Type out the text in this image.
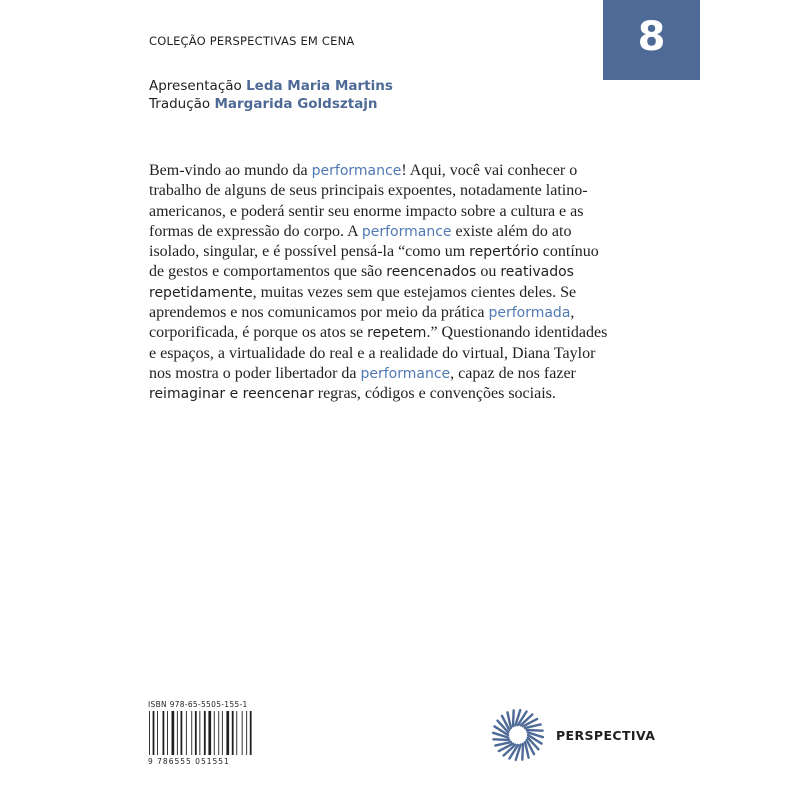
COLEÇÃO PERSPECTIVAS EM CENA	8
Apresentação Leda Maria Martins
Tradução Margarida Goldsztajn
Bem-vindo ao mundo da performance! Aqui, você vai conhecer o trabalho de alguns de seus principais expoentes, notadamente latino-americanos, e poderá sentir seu enorme impacto sobre a cultura e as formas de expressão do corpo. A performance existe além do ato isolado, singular, e é possível pensá-la “como um repertório contínuo de gestos e comportamentos que são reencenados ou reativados repetidamente, muitas vezes sem que estejamos cientes deles. Se aprendemos e nos comunicamos por meio da prática performada, corporificada, é porque os atos se repetem.” Questionando identidades e espaços, a virtualidade do real e a realidade do virtual, Diana Taylor nos mostra o poder libertador da performance, capaz de nos fazer reimaginar e reencenar regras, códigos e convenções sociais.
ISBN 978-65-5505-155-1
9 786555 051551
PERSPECTIVA
